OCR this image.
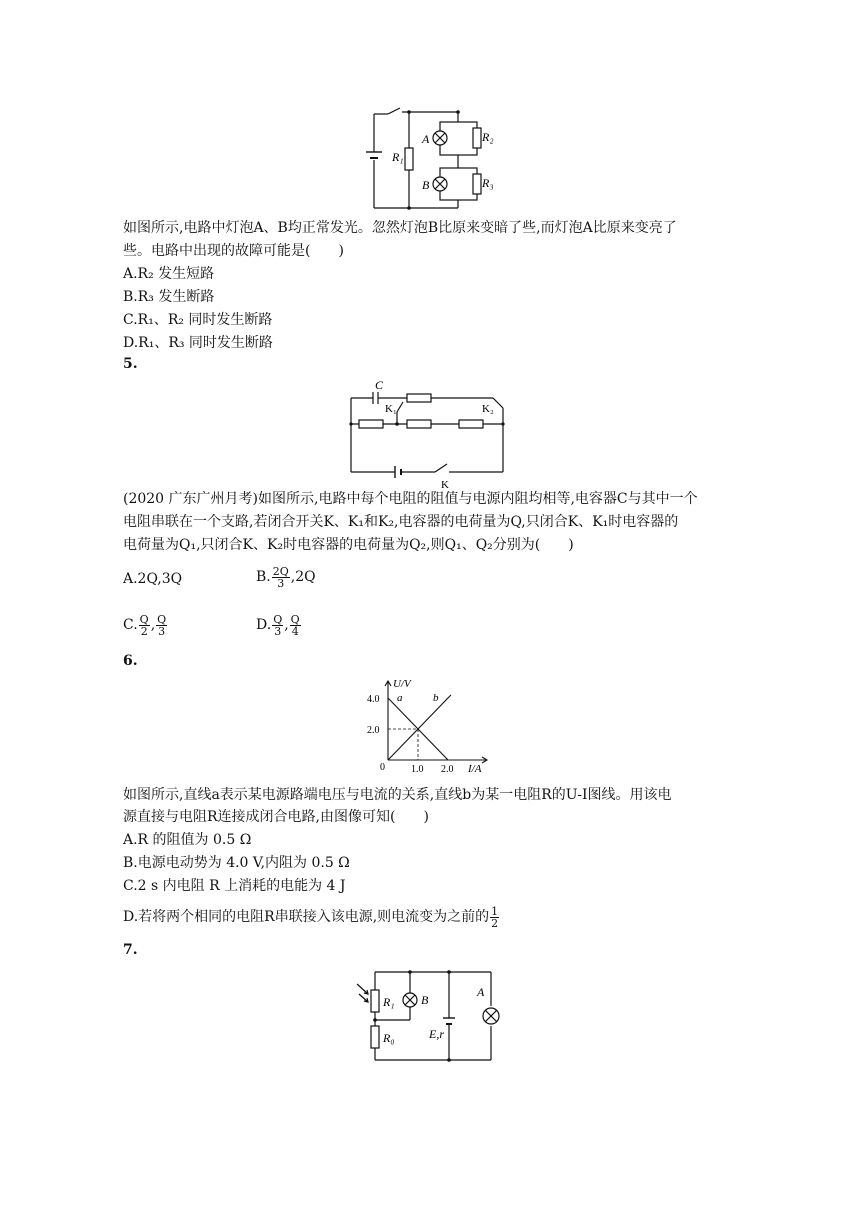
R₁
A	R₂
B	R₃
如图所示,电路中灯泡A、B均正常发光。忽然灯泡B比原来变暗了些,而灯泡A比原来变亮了
些。电路中出现的故障可能是(　　)
A.R₂ 发生短路
B.R₃ 发生断路
C.R₁、R₂ 同时发生断路
D.R₁、R₃ 同时发生断路
5.
C
K₁	K₂
K
(2020 广东广州月考)如图所示,电路中每个电阻的阻值与电源内阻均相等,电容器C与其中一个
电阻串联在一个支路,若闭合开关K、K₁和K₂,电容器的电荷量为Q,只闭合K、K₁时电容器的
电荷量为Q₁,只闭合K、K₂时电容器的电荷量为Q₂,则Q₁、Q₂分别为(　　)
A.2Q,3Q	B. $\frac{2Q}{3} ,2Q$
C. $\frac{Q}{2}$ , $\frac{Q}{3}$	D. $\frac{Q}{3}$ , $\frac{Q}{4}$
6.
4.0
2.0
1.0 2.0
a	b
U/V
I/A
0
如图所示,直线a表示某电源路端电压与电流的关系,直线b为某一电阻R的U-I图线。用该电
源直接与电阻R连接成闭合电路,由图像可知(　　)
A.R 的阻值为 0.5 Ω
B.电源电动势为 4.0 V,内阻为 0.5 Ω
C.2 s 内电阻 R 上消耗的电能为 4 J
D.若将两个相同的电阻R串联接入该电源,则电流变为之前的 $\frac{1}{2}$
7.
R₁ B
R₀	E,r
A
